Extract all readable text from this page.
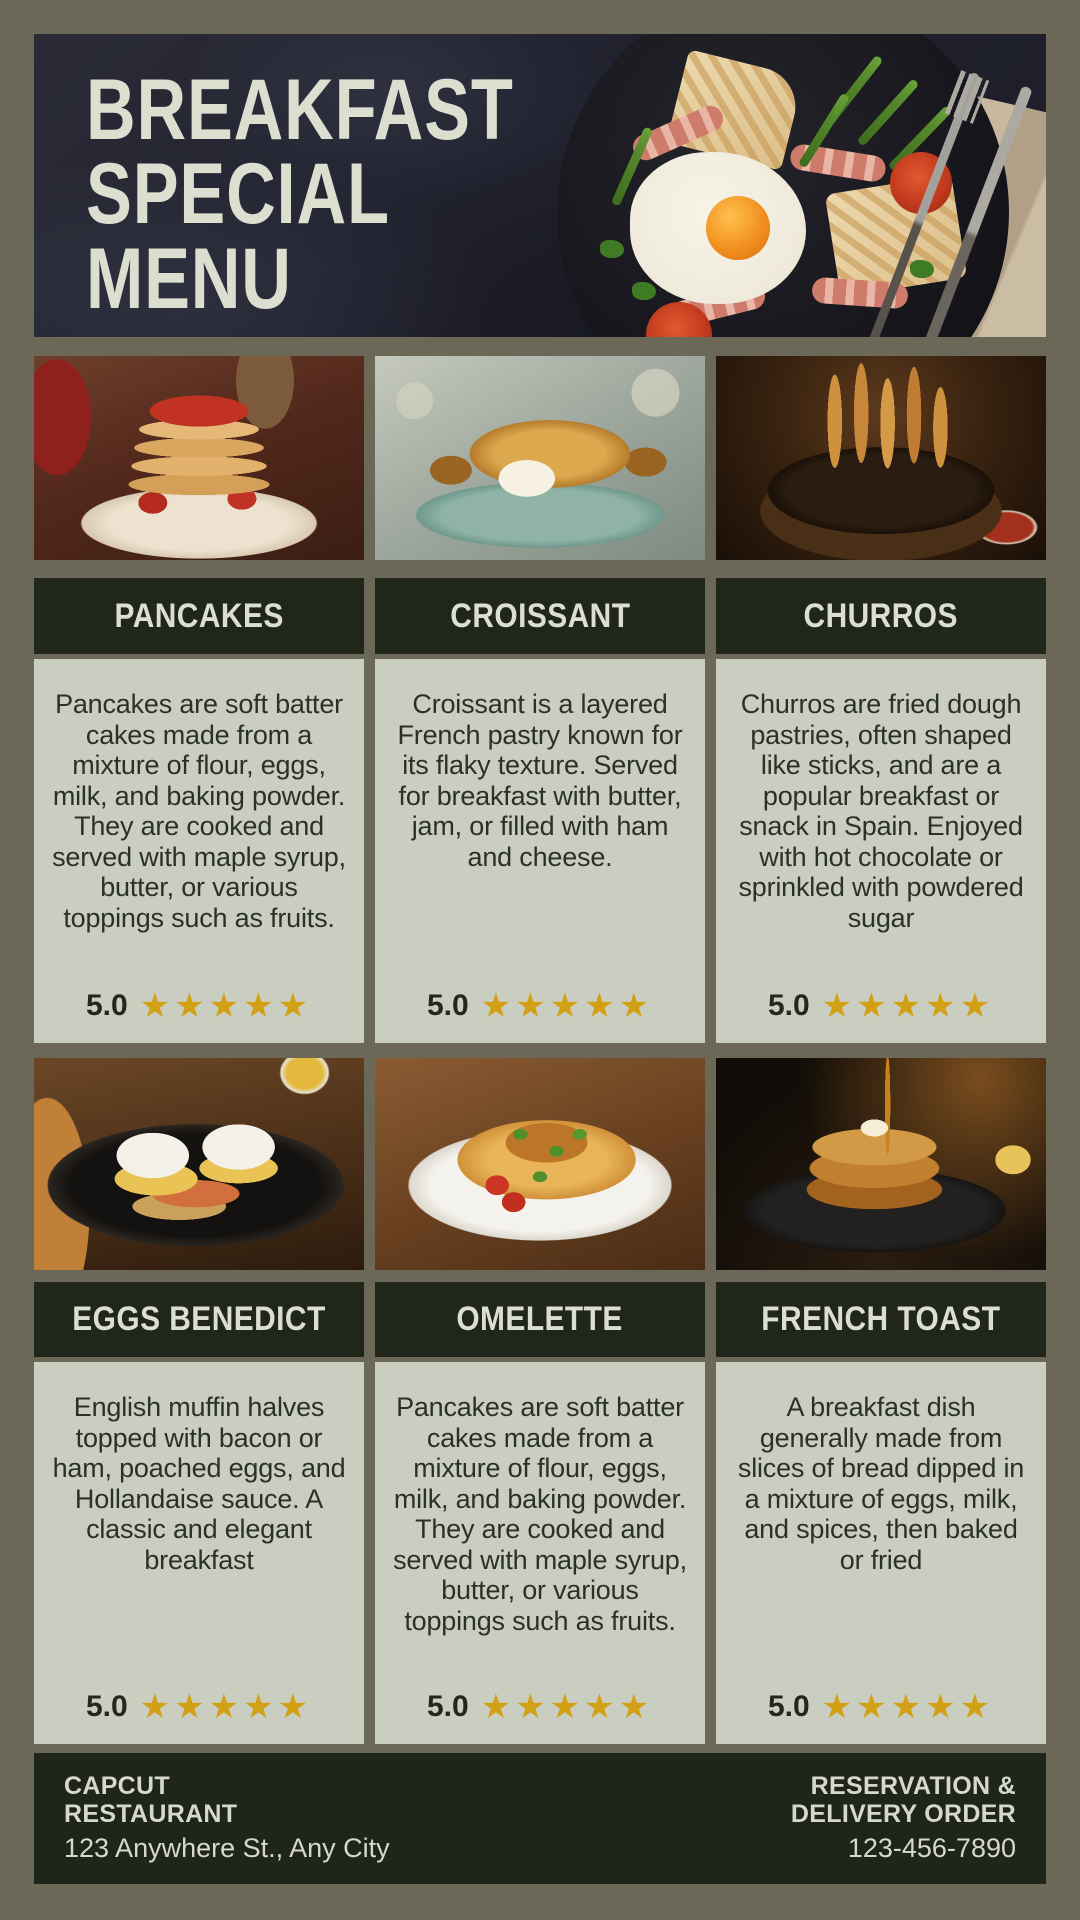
BREAKFAST
SPECIAL
MENU
PANCAKES	CROISSANT	CHURROS
Pancakes are soft batter cakes made from a mixture of flour, eggs, milk, and baking powder. They are cooked and served with maple syrup, butter, or various toppings such as fruits.
5.0 ★★★★★
Croissant is a layered French pastry known for its flaky texture. Served for breakfast with butter, jam, or filled with ham and cheese.
5.0 ★★★★★
Churros are fried dough pastries, often shaped like sticks, and are a popular breakfast or snack in Spain. Enjoyed with hot chocolate or sprinkled with powdered sugar
5.0 ★★★★★
EGGS BENEDICT	OMELETTE	FRENCH TOAST
English muffin halves topped with bacon or ham, poached eggs, and Hollandaise sauce. A classic and elegant breakfast
5.0 ★★★★★
Pancakes are soft batter cakes made from a mixture of flour, eggs, milk, and baking powder. They are cooked and served with maple syrup, butter, or various toppings such as fruits.
5.0 ★★★★★
A breakfast dish generally made from slices of bread dipped in a mixture of eggs, milk, and spices, then baked or fried
5.0 ★★★★★
CAPCUT
RESTAURANT
123 Anywhere St., Any City
RESERVATION &
DELIVERY ORDER
123-456-7890
